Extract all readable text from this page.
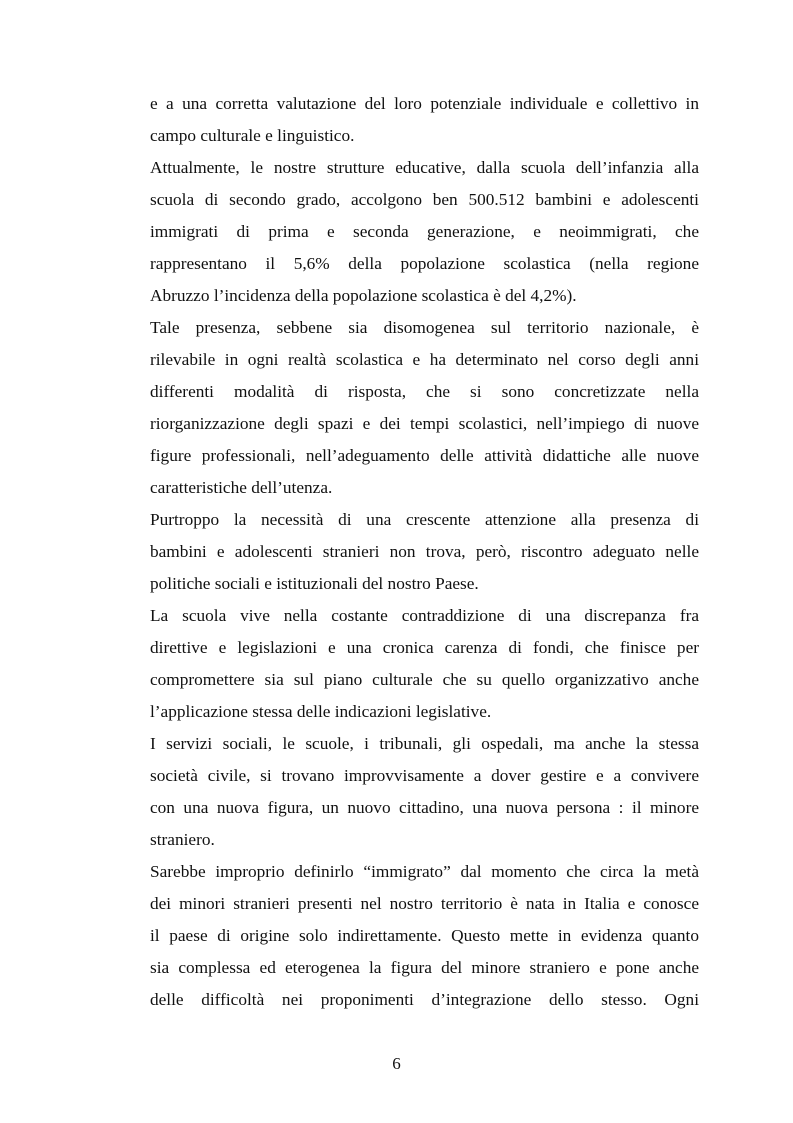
e a una corretta valutazione del loro potenziale individuale e collettivo in
campo culturale e linguistico.
Attualmente, le nostre strutture educative, dalla scuola dell’infanzia alla
scuola di secondo grado, accolgono ben 500.512 bambini e adolescenti
immigrati di prima e seconda generazione, e neoimmigrati, che
rappresentano il 5,6% della popolazione scolastica (nella regione
Abruzzo l’incidenza della popolazione scolastica è del 4,2%).
Tale presenza, sebbene sia disomogenea sul territorio nazionale, è
rilevabile in ogni realtà scolastica e ha determinato nel corso degli anni
differenti modalità di risposta, che si sono concretizzate nella
riorganizzazione degli spazi e dei tempi scolastici, nell’impiego di nuove
figure professionali, nell’adeguamento delle attività didattiche alle nuove
caratteristiche dell’utenza.
Purtroppo la necessità di una crescente attenzione alla presenza di
bambini e adolescenti stranieri non trova, però, riscontro adeguato nelle
politiche sociali e istituzionali del nostro Paese.
La scuola vive nella costante contraddizione di una discrepanza fra
direttive e legislazioni e una cronica carenza di fondi, che finisce per
compromettere sia sul piano culturale che su quello organizzativo anche
l’applicazione stessa delle indicazioni legislative.
I servizi sociali, le scuole, i tribunali, gli ospedali, ma anche la stessa
società civile, si trovano improvvisamente a dover gestire e a convivere
con una nuova figura, un nuovo cittadino, una nuova persona : il minore
straniero.
Sarebbe improprio definirlo “immigrato” dal momento che circa la metà
dei minori stranieri presenti nel nostro territorio è nata in Italia e conosce
il paese di origine solo indirettamente. Questo mette in evidenza quanto
sia complessa ed eterogenea la figura del minore straniero e pone anche
delle difficoltà nei proponimenti d’integrazione dello stesso. Ogni
6
